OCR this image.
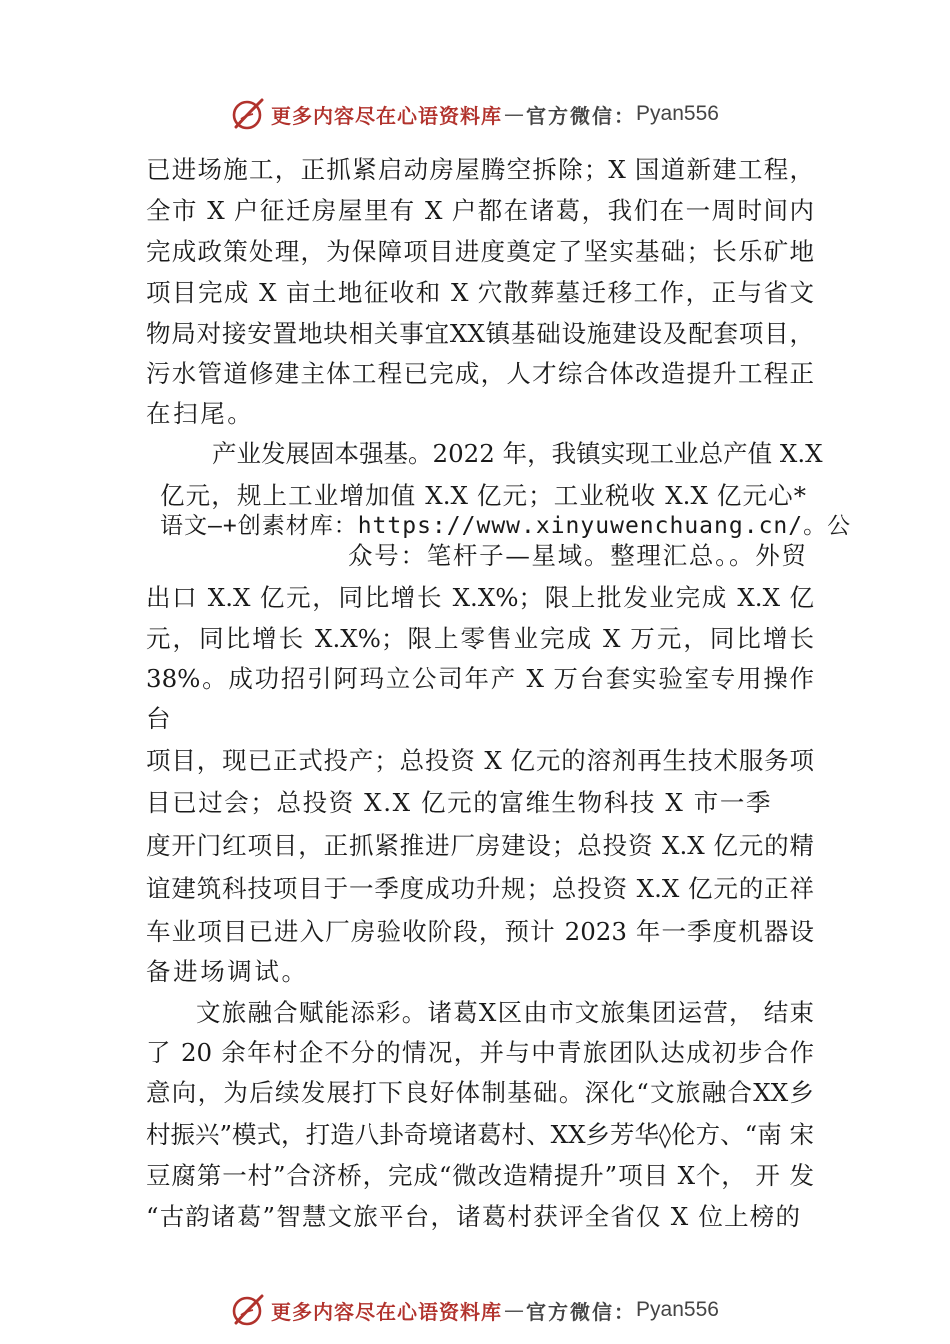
更多内容尽在心语资料库 — 官方微信： Pyan556
已进场施工，正抓紧启动房屋腾空拆除；X 国道新建工程，
全市 X 户征迁房屋里有 X 户都在诸葛，我们在一周时间内
完成政策处理，为保障项目进度奠定了坚实基础；长乐矿地
项目完成 X 亩土地征收和 X 穴散葬墓迁移工作，正与省文
物局对接安置地块相关事宜XX镇基础设施建设及配套项目，
污水管道修建主体工程已完成，人才综合体改造提升工程正
在扫尾。
产业发展固本强基。2022 年，我镇实现工业总产值 X.X
亿元，规上工业增加值 X.X 亿元；工业税收 X.X 亿元心*
语文—+创素材库：https://www.xinyuwenchuang.cn/。公
众号：笔杆子—星域。整理汇总。。外贸
出口 X.X 亿元，同比增长 X.X%；限上批发业完成 X.X 亿
元，同比增长 X.X%；限上零售业完成 X 万元，同比增长
38%。成功招引阿玛立公司年产 X 万台套实验室专用操作
台
项目，现已正式投产；总投资 X 亿元的溶剂再生技术服务项
目已过会；总投资 X.X 亿元的富维生物科技 X 市一季
度开门红项目，正抓紧推进厂房建设；总投资 X.X 亿元的精
谊建筑科技项目于一季度成功升规；总投资 X.X 亿元的正祥
车业项目已进入厂房验收阶段，预计 2023 年一季度机器设
备进场调试。
文旅融合赋能添彩。诸葛X区由市文旅集团运营， 结束
了 20 余年村企不分的情况，并与中青旅团队达成初步合作
意向，为后续发展打下良好体制基础。深化“文旅融合XX乡
村振兴”模式，打造八卦奇境诸葛村、XX乡芳华◊伦方、“南 宋
豆腐第一村”合济桥，完成“微改造精提升”项目 X个， 开 发
“古韵诸葛”智慧文旅平台，诸葛村获评全省仅 X 位上榜的
更多内容尽在心语资料库 — 官方微信： Pyan556
